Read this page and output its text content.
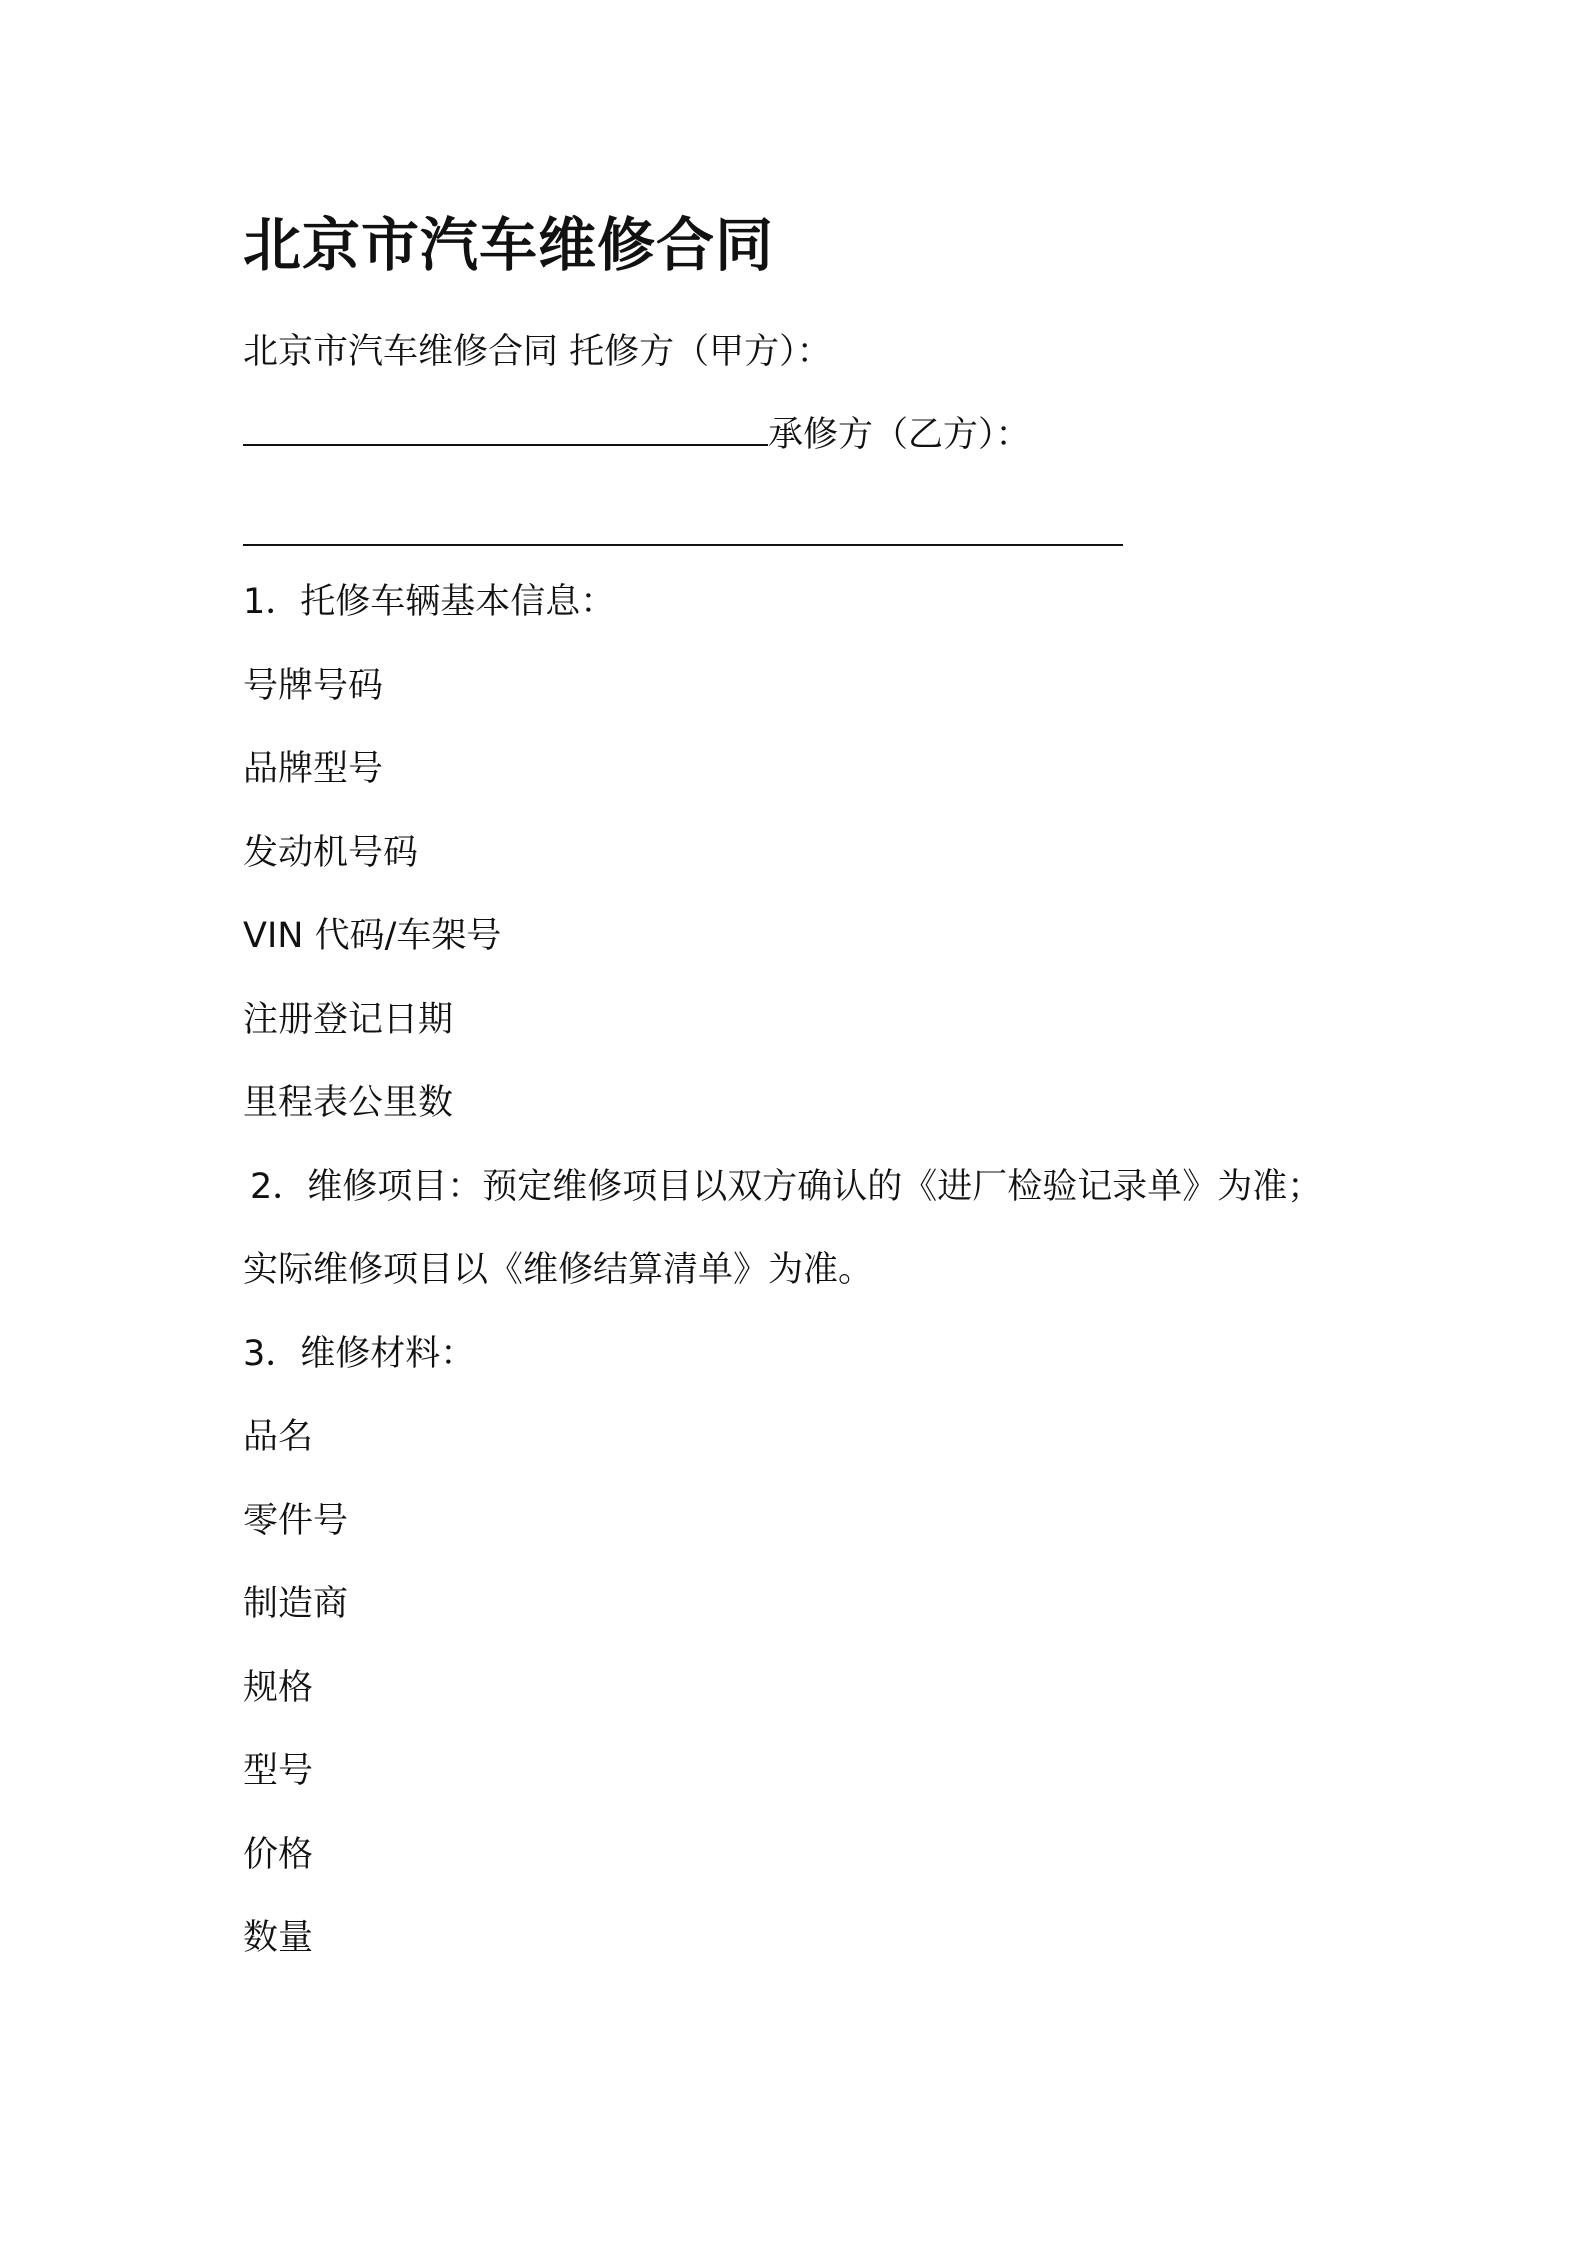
北京市汽车维修合同
北京市汽车维修合同 托修方（甲方）：
承修方（乙方）：
1．托修车辆基本信息：
号牌号码
品牌型号
发动机号码
VIN 代码/车架号
注册登记日期
里程表公里数
2．维修项目：预定维修项目以双方确认的《进厂检验记录单》为准；
实际维修项目以《维修结算清单》为准。
3．维修材料：
品名
零件号
制造商
规格
型号
价格
数量
